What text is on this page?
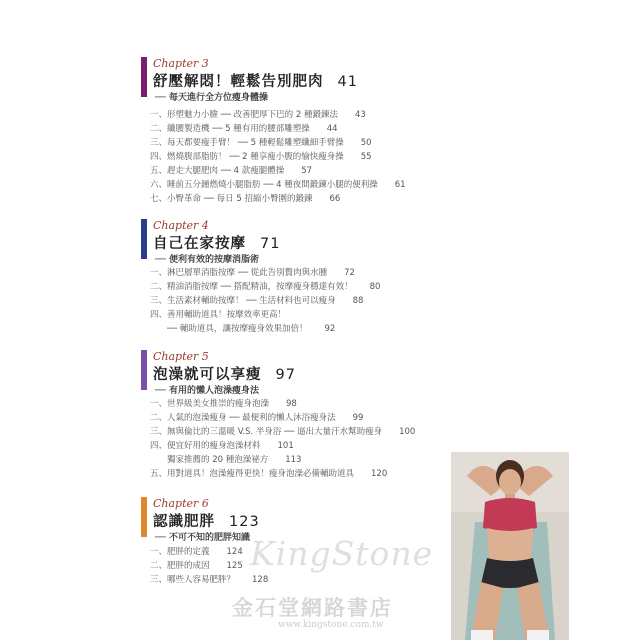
Chapter 3
舒壓解悶！輕鬆告別肥肉 41
── 每天進行全方位瘦身體操
一、形塑魅力小臉 ── 改善肥厚下巴的 2 種鍛鍊法　　43
二、纖腰製造機 ── 5 種有用的腰部雕塑操　　44
三、每天都要瘦手臂！ ── 5 種輕鬆雕塑纖細手臂操　　50
四、燃燒腹部脂肪！ ── 2 種享瘦小腹的愉快瘦身操　　55
五、趕走大腿肥肉 ── 4 款瘦腿體操　　57
六、睡前五分鐘燃燒小腿脂肪 ── 4 種夜間鍛鍊小腿的便利操　　61
七、小臀革命 ── 每日 5 招縮小臀圍的鍛鍊　　66
Chapter 4
自己在家按摩 71
── 便利有效的按摩消脂術
一、淋巴層單消脂按摩 ── 從此告別贅肉與水腫　　72
二、精油消脂按摩 ── 搭配精油，按摩瘦身穩達有效！　　80
三、生活素材輔助按摩！ ── 生活材料也可以瘦身　　88
四、善用輔助道具！按摩效率更高！
　　── 輔助道具，讓按摩瘦身效果加倍！　　92
Chapter 5
泡澡就可以享瘦 97
── 有用的懶人泡澡瘦身法
一、世界級美女推崇的瘦身泡澡　　98
二、人氣的泡澡瘦身 ── 最便利的懶人沐浴瘦身法　　99
三、無與倫比的三溫暖 V.S. 半身浴 ── 逼出大量汗水幫助瘦身　　100
四、便宜好用的瘦身泡澡材料　　101
　　獨家推薦的 20 種泡澡祕方　　113
五、用對道具！泡澡瘦得更快！瘦身泡澡必備輔助道具　　120
Chapter 6
認識肥胖 123
── 不可不知的肥胖知識
一、肥胖的定義　　124
二、肥胖的成因　　125
三、哪些人容易肥胖？　　128
KingStone
金石堂網路書店
www.kingstone.com.tw
